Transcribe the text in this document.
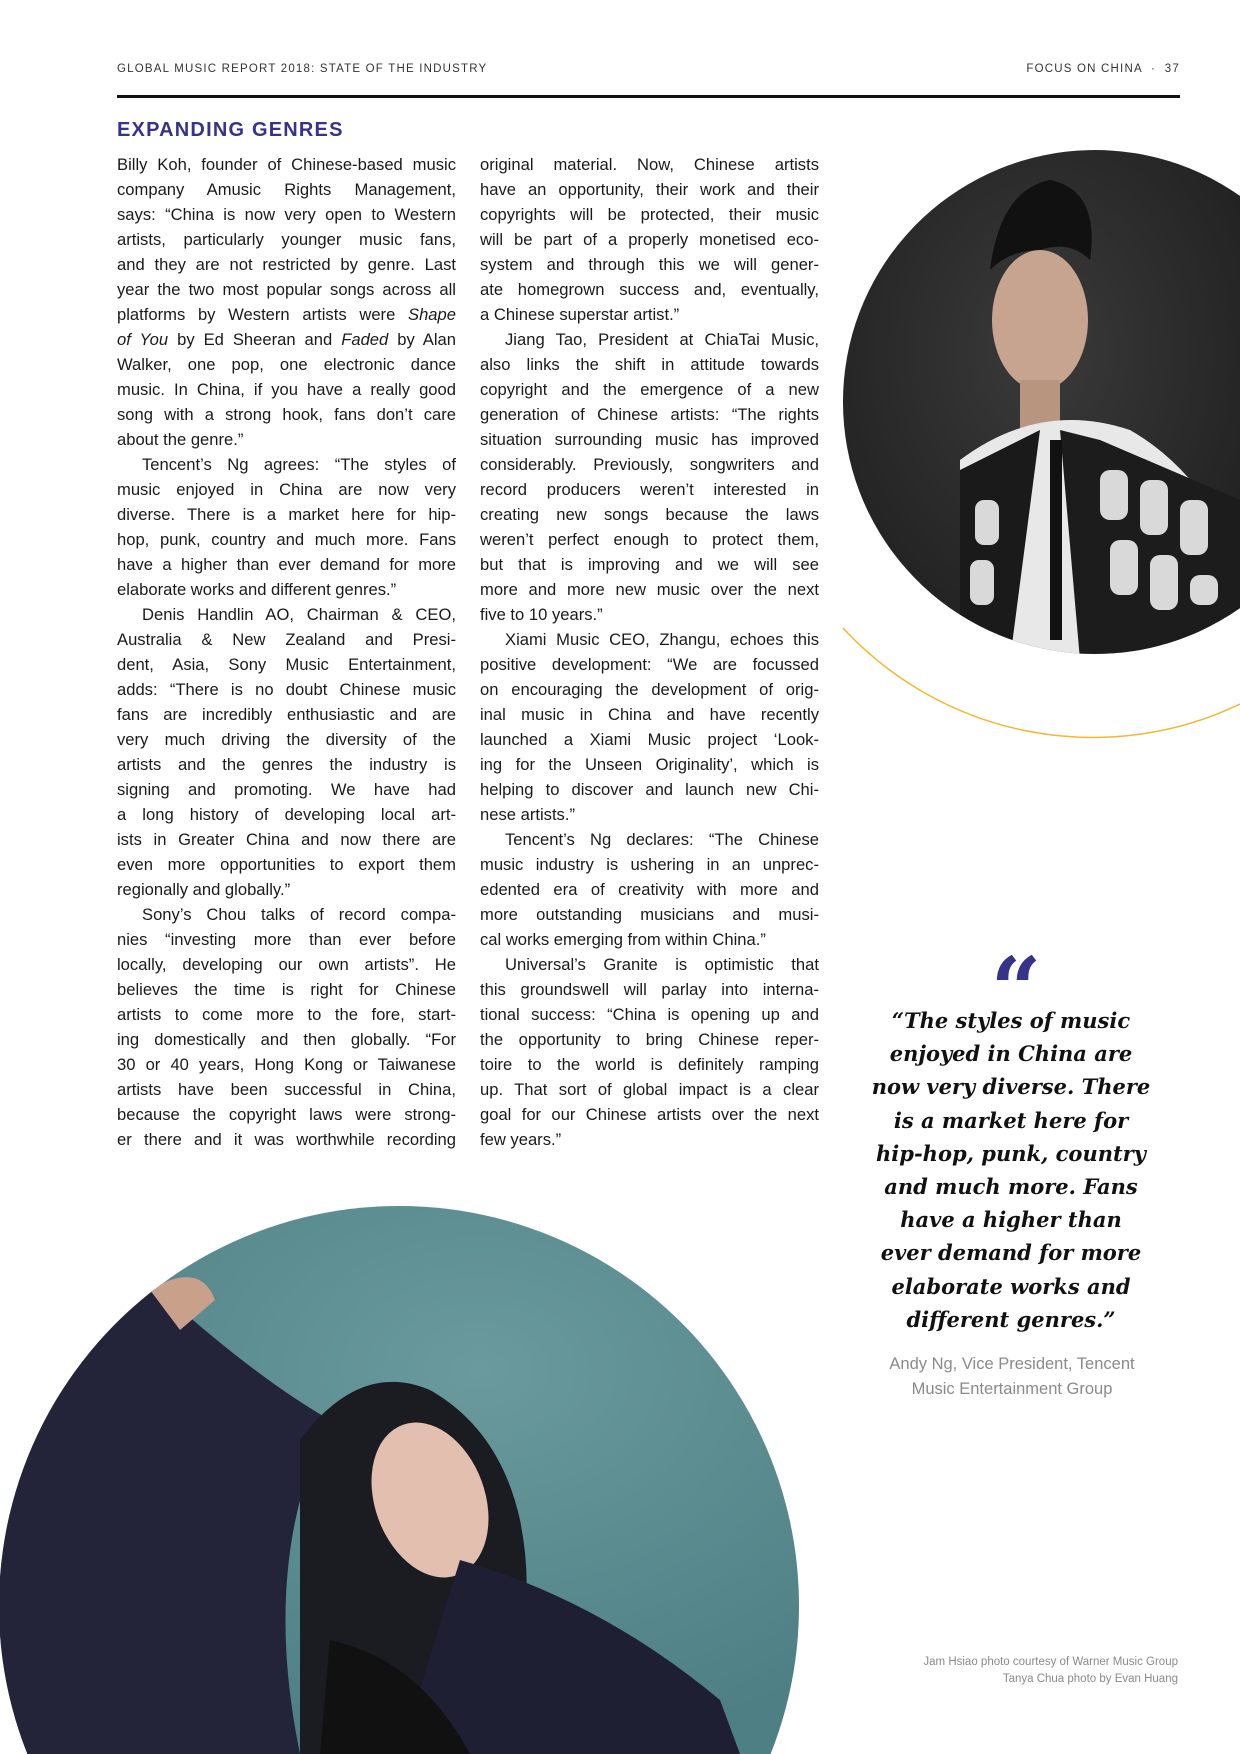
GLOBAL MUSIC REPORT 2018: STATE OF THE INDUSTRY	FOCUS ON CHINA  ·  37
EXPANDING GENRES
Billy Koh, founder of Chinese-based music
company Amusic Rights Management,
says: “China is now very open to Western
artists, particularly younger music fans,
and they are not restricted by genre. Last
year the two most popular songs across all
platforms by Western artists were Shape
of You by Ed Sheeran and Faded by Alan
Walker, one pop, one electronic dance
music. In China, if you have a really good
song with a strong hook, fans don’t care
about the genre.”
Tencent’s Ng agrees: “The styles of
music enjoyed in China are now very
diverse. There is a market here for hip-
hop, punk, country and much more. Fans
have a higher than ever demand for more
elaborate works and different genres.”
Denis Handlin AO, Chairman & CEO,
Australia & New Zealand and Presi-
dent, Asia, Sony Music Entertainment,
adds: “There is no doubt Chinese music
fans are incredibly enthusiastic and are
very much driving the diversity of the
artists and the genres the industry is
signing and promoting. We have had
a long history of developing local art-
ists in Greater China and now there are
even more opportunities to export them
regionally and globally.”
Sony’s Chou talks of record compa-
nies “investing more than ever before
locally, developing our own artists”. He
believes the time is right for Chinese
artists to come more to the fore, start-
ing domestically and then globally. “For
30 or 40 years, Hong Kong or Taiwanese
artists have been successful in China,
because the copyright laws were strong-
er there and it was worthwhile recording
original material. Now, Chinese artists
have an opportunity, their work and their
copyrights will be protected, their music
will be part of a properly monetised eco-
system and through this we will gener-
ate homegrown success and, eventually,
a Chinese superstar artist.”
Jiang Tao, President at ChiaTai Music,
also links the shift in attitude towards
copyright and the emergence of a new
generation of Chinese artists: “The rights
situation surrounding music has improved
considerably. Previously, songwriters and
record producers weren’t interested in
creating new songs because the laws
weren’t perfect enough to protect them,
but that is improving and we will see
more and more new music over the next
five to 10 years.”
Xiami Music CEO, Zhangu, echoes this
positive development: “We are focussed
on encouraging the development of orig-
inal music in China and have recently
launched a Xiami Music project ‘Look-
ing for the Unseen Originality’, which is
helping to discover and launch new Chi-
nese artists.”
Tencent’s Ng declares: “The Chinese
music industry is ushering in an unprec-
edented era of creativity with more and
more outstanding musicians and musi-
cal works emerging from within China.”
Universal’s Granite is optimistic that
this groundswell will parlay into interna-
tional success: “China is opening up and
the opportunity to bring Chinese reper-
toire to the world is definitely ramping
up. That sort of global impact is a clear
goal for our Chinese artists over the next
few years.”
“
“The styles of music
enjoyed in China are
now very diverse. There
is a market here for
hip-hop, punk, country
and much more. Fans
have a higher than
ever demand for more
elaborate works and
different genres.”
Andy Ng, Vice President, Tencent
Music Entertainment Group
Jam Hsiao photo courtesy of Warner Music Group
Tanya Chua photo by Evan Huang
